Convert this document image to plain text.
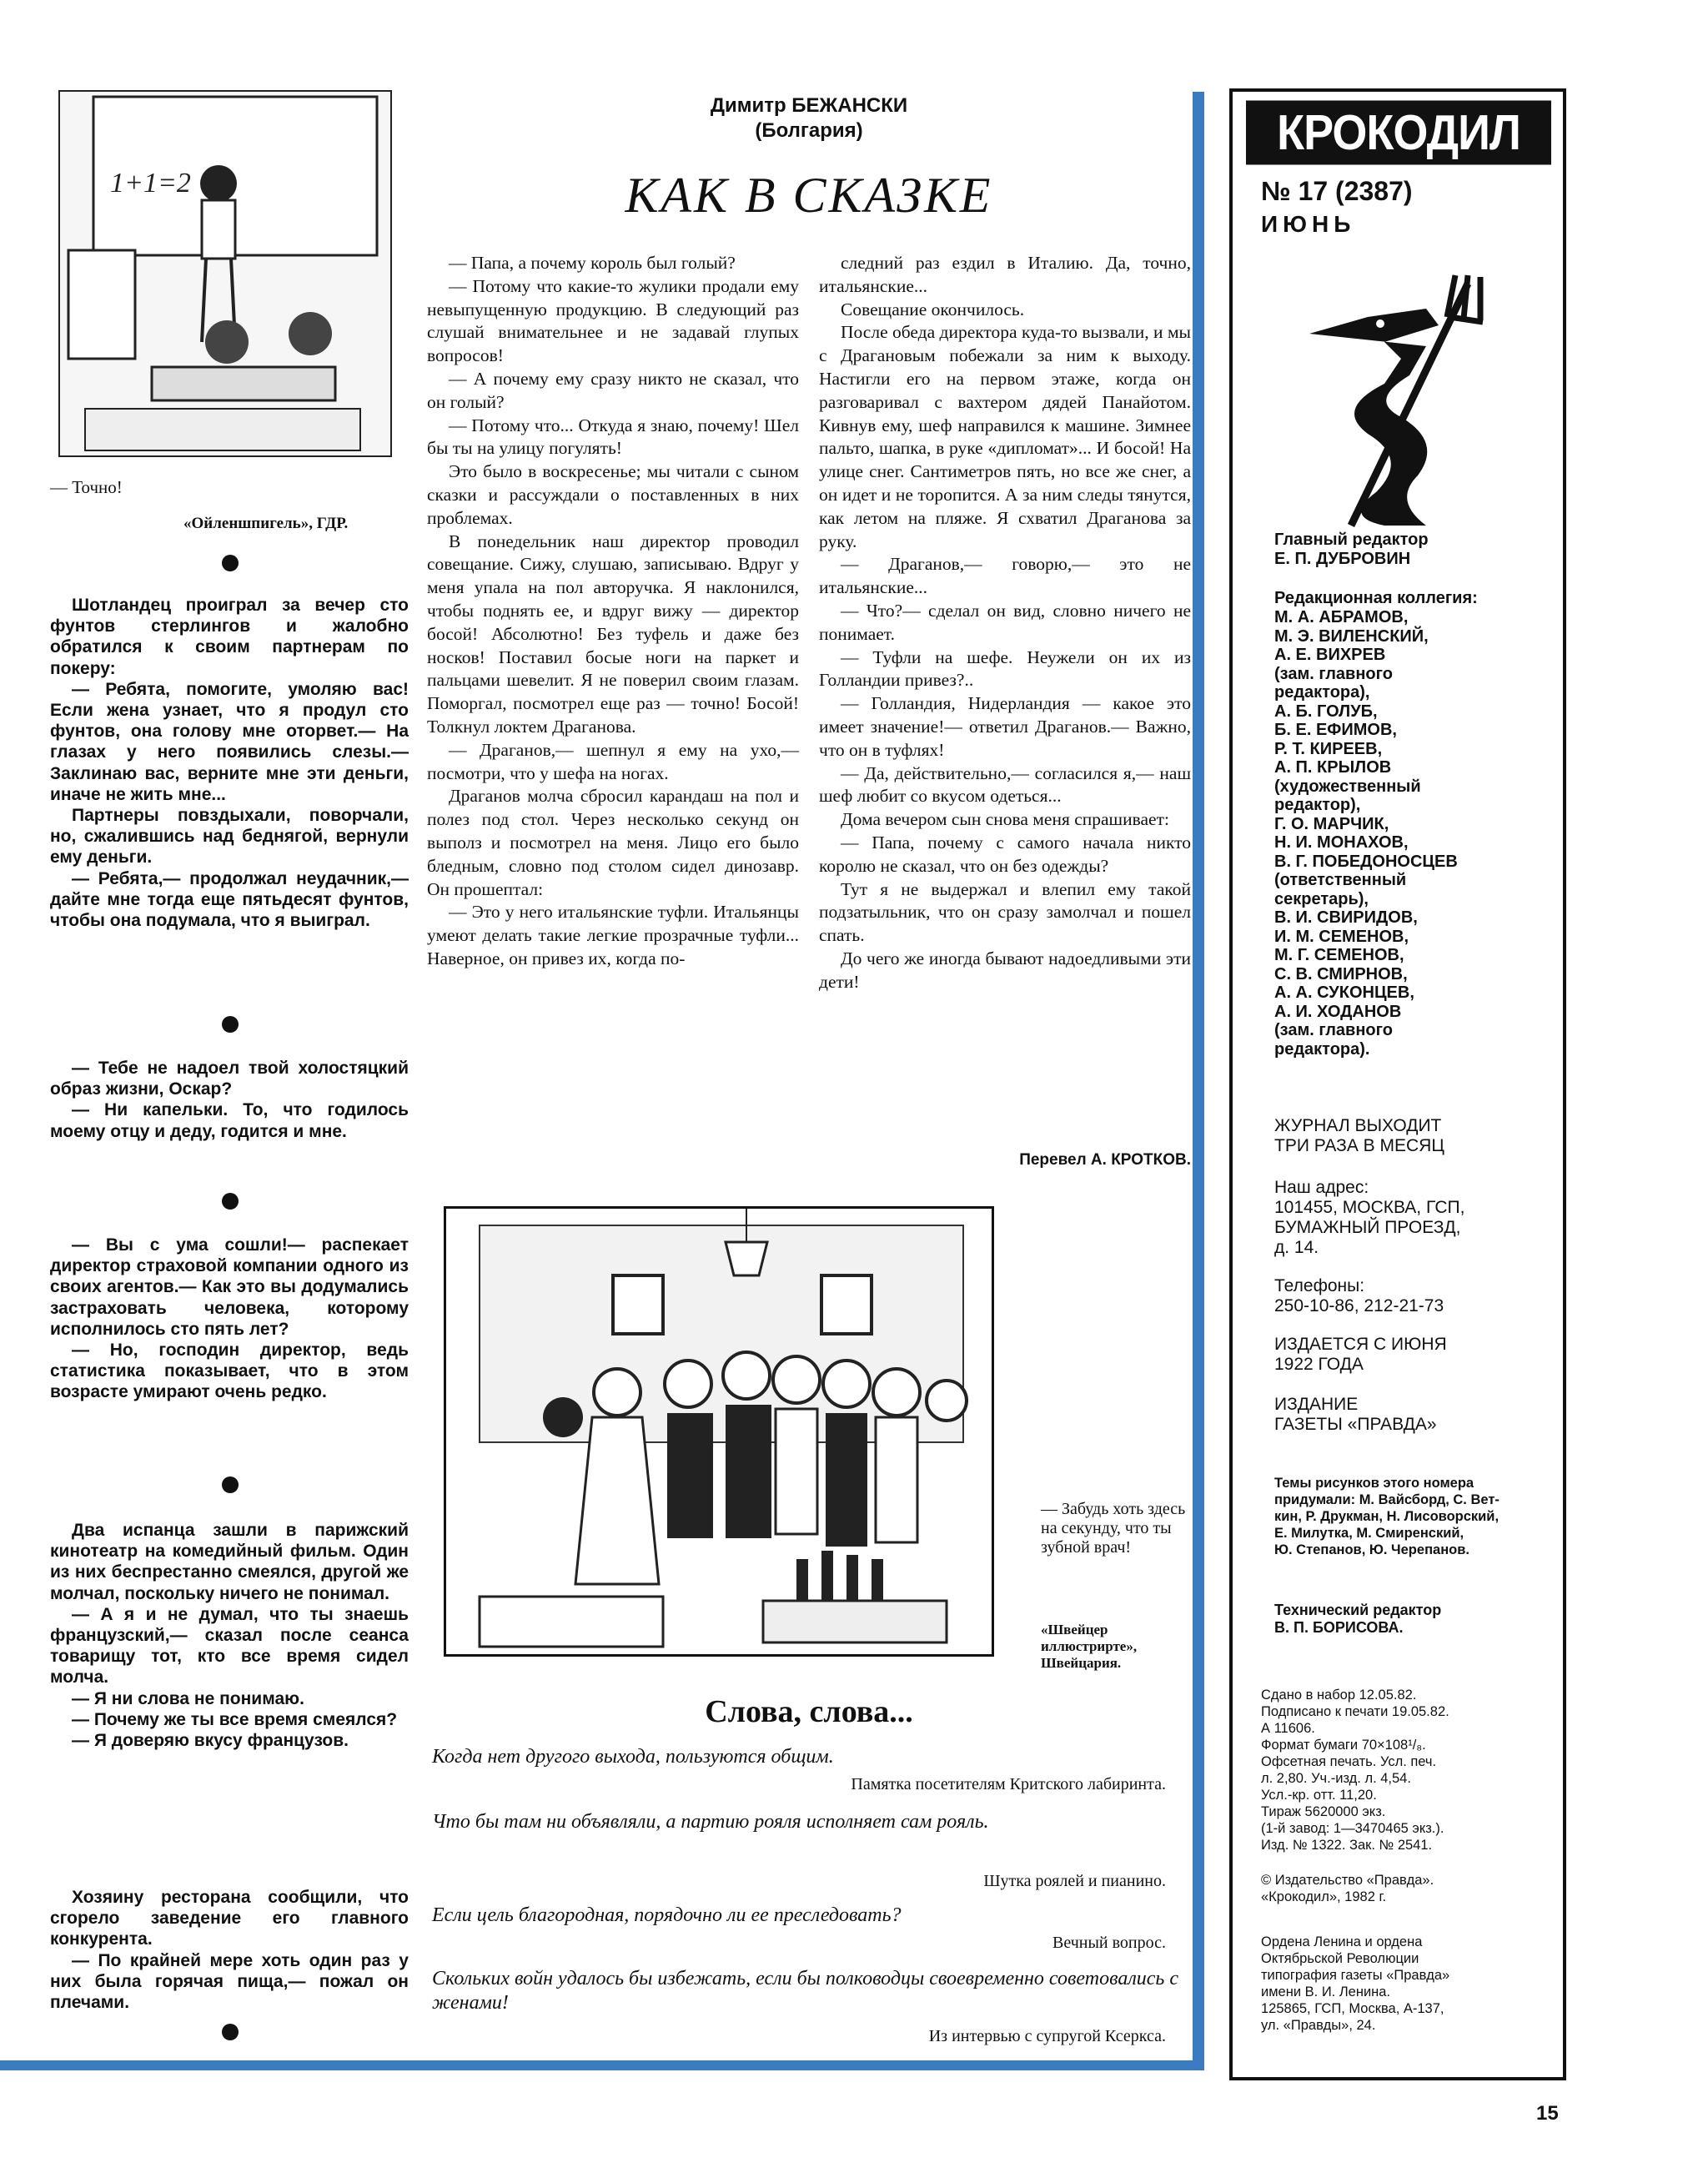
1+1=2
— Точно!
«Ойленшпигель», ГДР.

Шотландец проиграл за вечер сто фунтов стерлингов и жалобно обратился к своим партнерам по покеру:

— Ребята, помогите, умоляю вас! Если жена узнает, что я продул сто фунтов, она голову мне оторвет.— На глазах у него появились слезы.— Заклинаю вас, верните мне эти деньги, иначе не жить мне...

Партнеры повздыхали, поворчали, но, сжалившись над беднягой, вернули ему деньги.

— Ребята,— продолжал неудачник,— дайте мне тогда еще пятьдесят фунтов, чтобы она подумала, что я выиграл.

— Тебе не надоел твой холостяцкий образ жизни, Оскар?

— Ни капельки. То, что годилось моему отцу и деду, годится и мне.

— Вы с ума сошли!— распекает директор страховой компании одного из своих агентов.— Как это вы додумались застраховать человека, которому исполнилось сто пять лет?

— Но, господин директор, ведь статистика показывает, что в этом возрасте умирают очень редко.

Два испанца зашли в парижский кинотеатр на комедийный фильм. Один из них беспрестанно смеялся, другой же молчал, поскольку ничего не понимал.

— А я и не думал, что ты знаешь французский,— сказал после сеанса товарищу тот, кто все время сидел молча.

— Я ни слова не понимаю.

— Почему же ты все время смеялся?

— Я доверяю вкусу французов.

Хозяину ресторана сообщили, что сгорело заведение его главного конкурента.

— По крайней мере хоть один раз у них была горячая пища,— пожал он плечами.

Димитр БЕЖАНСКИ
(Болгария)
КАК В СКАЗКЕ

— Папа, а почему король был голый?

— Потому что какие-то жулики продали ему невыпущенную продукцию. В следующий раз слушай внимательнее и не задавай глупых вопросов!

— А почему ему сразу никто не сказал, что он голый?

— Потому что... Откуда я знаю, почему! Шел бы ты на улицу погулять!

Это было в воскресенье; мы читали с сыном сказки и рассуждали о поставленных в них проблемах.

В понедельник наш директор проводил совещание. Сижу, слушаю, записываю. Вдруг у меня упала на пол авторучка. Я наклонился, чтобы поднять ее, и вдруг вижу — директор босой! Абсолютно! Без туфель и даже без носков! Поставил босые ноги на паркет и пальцами шевелит. Я не поверил своим глазам. Поморгал, посмотрел еще раз — точно! Босой! Толкнул локтем Драганова.

— Драганов,— шепнул я ему на ухо,— посмотри, что у шефа на ногах.

Драганов молча сбросил карандаш на пол и полез под стол. Через несколько секунд он выполз и посмотрел на меня. Лицо его было бледным, словно под столом сидел динозавр. Он прошептал:

— Это у него итальянские туфли. Итальянцы умеют делать такие легкие прозрачные туфли... Наверное, он привез их, когда по-

следний раз ездил в Италию. Да, точно, итальянские...

Совещание окончилось.

После обеда директора куда-то вызвали, и мы с Драгановым побежали за ним к выходу. Настигли его на первом этаже, когда он разговаривал с вахтером дядей Панайотом. Кивнув ему, шеф направился к машине. Зимнее пальто, шапка, в руке «дипломат»... И босой! На улице снег. Сантиметров пять, но все же снег, а он идет и не торопится. А за ним следы тянутся, как летом на пляже. Я схватил Драганова за руку.

— Драганов,— говорю,— это не итальянские...

— Что?— сделал он вид, словно ничего не понимает.

— Туфли на шефе. Неужели он их из Голландии привез?..

— Голландия, Нидерландия — какое это имеет значение!— ответил Драганов.— Важно, что он в туфлях!

— Да, действительно,— согласился я,— наш шеф любит со вкусом одеться...

Дома вечером сын снова меня спрашивает:

— Папа, почему с самого начала никто королю не сказал, что он без одежды?

Тут я не выдержал и влепил ему такой подзатыльник, что он сразу замолчал и пошел спать.

До чего же иногда бывают надоедливыми эти дети!

Перевел А. КРОТКОВ.
— Забудь хоть здесь на секунду, что ты зубной врач!
«Швейцер иллюстрирте», Швейцария.
Слова, слова...
Когда нет другого выхода, пользуются общим.
Памятка посетителям Критского лабиринта.
Что бы там ни объявляли, а партию рояля исполняет сам рояль.
Шутка роялей и пианино.
Если цель благородная, порядочно ли ее преследовать?
Вечный вопрос.
Скольких войн удалось бы избежать, если бы полководцы своевременно советовались с женами!
Из интервью с супругой Ксеркса.
КРОКОДИЛ
№ 17 (2387)
ИЮНЬ
Главный редактор
Е. П. ДУБРОВИН
Редакционная коллегия:
М. А. АБРАМОВ,
М. Э. ВИЛЕНСКИЙ,
А. Е. ВИХРЕВ
(зам. главного
редактора),
А. Б. ГОЛУБ,
Б. Е. ЕФИМОВ,
Р. Т. КИРЕЕВ,
А. П. КРЫЛОВ
(художественный
редактор),
Г. О. МАРЧИК,
Н. И. МОНАХОВ,
В. Г. ПОБЕДОНОСЦЕВ
(ответственный
секретарь),
В. И. СВИРИДОВ,
И. М. СЕМЕНОВ,
М. Г. СЕМЕНОВ,
С. В. СМИРНОВ,
А. А. СУКОНЦЕВ,
А. И. ХОДАНОВ
(зам. главного
редактора).
ЖУРНАЛ ВЫХОДИТ
ТРИ РАЗА В МЕСЯЦ
Наш адрес:
101455, МОСКВА, ГСП,
БУМАЖНЫЙ ПРОЕЗД,
д. 14.
Телефоны:
250-10-86, 212-21-73
ИЗДАЕТСЯ С ИЮНЯ
1922 ГОДА
ИЗДАНИЕ
ГАЗЕТЫ «ПРАВДА»
Темы рисунков этого номера
придумали: М. Вайсборд, С. Вет-
кин, Р. Друкман, Н. Лисоворский,
Е. Милутка, М. Смиренский,
Ю. Степанов, Ю. Черепанов.
Технический редактор
В. П. БОРИСОВА.
Сдано в набор 12.05.82.
Подписано к печати 19.05.82.
А 11606.
Формат бумаги 70×108¹/₈.
Офсетная печать. Усл. печ.
л. 2,80. Уч.-изд. л. 4,54.
Усл.-кр. отт. 11,20.
Тираж 5620000 экз.
(1-й завод: 1—3470465 экз.).
Изд. № 1322. Зак. № 2541.
© Издательство «Правда».
«Крокодил», 1982 г.
Ордена Ленина и ордена
Октябрьской Революции
типография газеты «Правда»
имени В. И. Ленина.
125865, ГСП, Москва, А-137,
ул. «Правды», 24.
15
